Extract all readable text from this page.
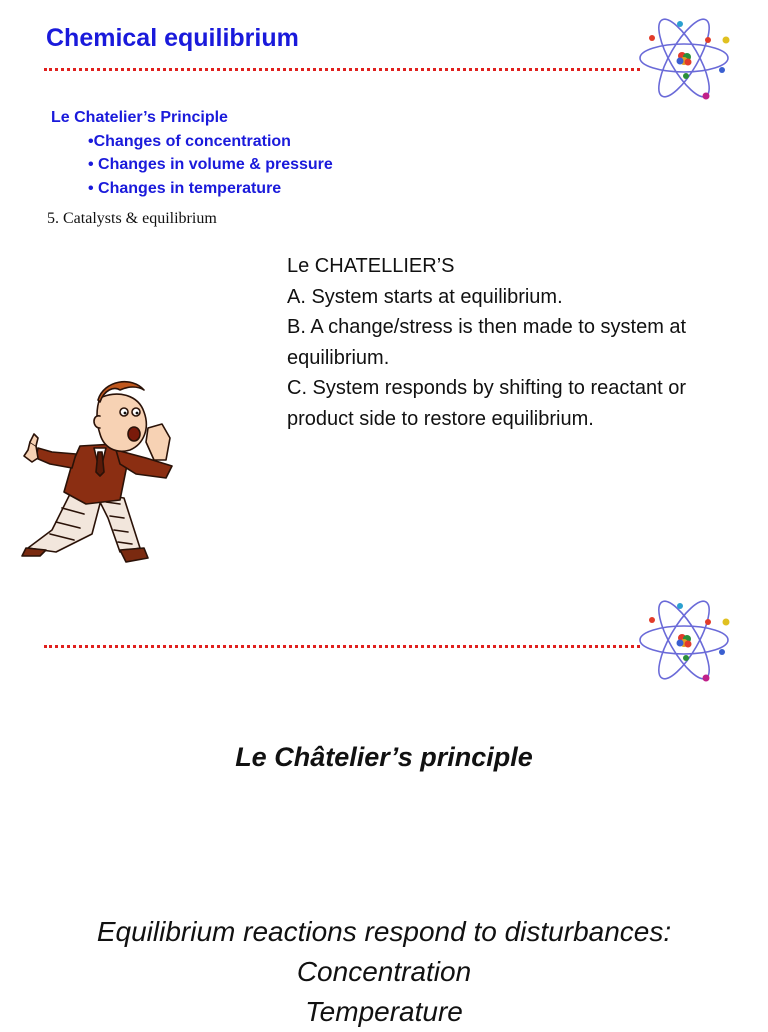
Chemical equilibrium
Le Chatelier’s Principle
•Changes of concentration
• Changes in volume & pressure
• Changes in temperature
5. Catalysts & equilibrium
Le CHATELLIER’S
A. System starts at equilibrium.
B. A change/stress is then made to system at equilibrium.
C. System responds by shifting to reactant or product side to restore equilibrium.
Le Châtelier’s principle
Equilibrium reactions respond to disturbances:
Concentration
Temperature
